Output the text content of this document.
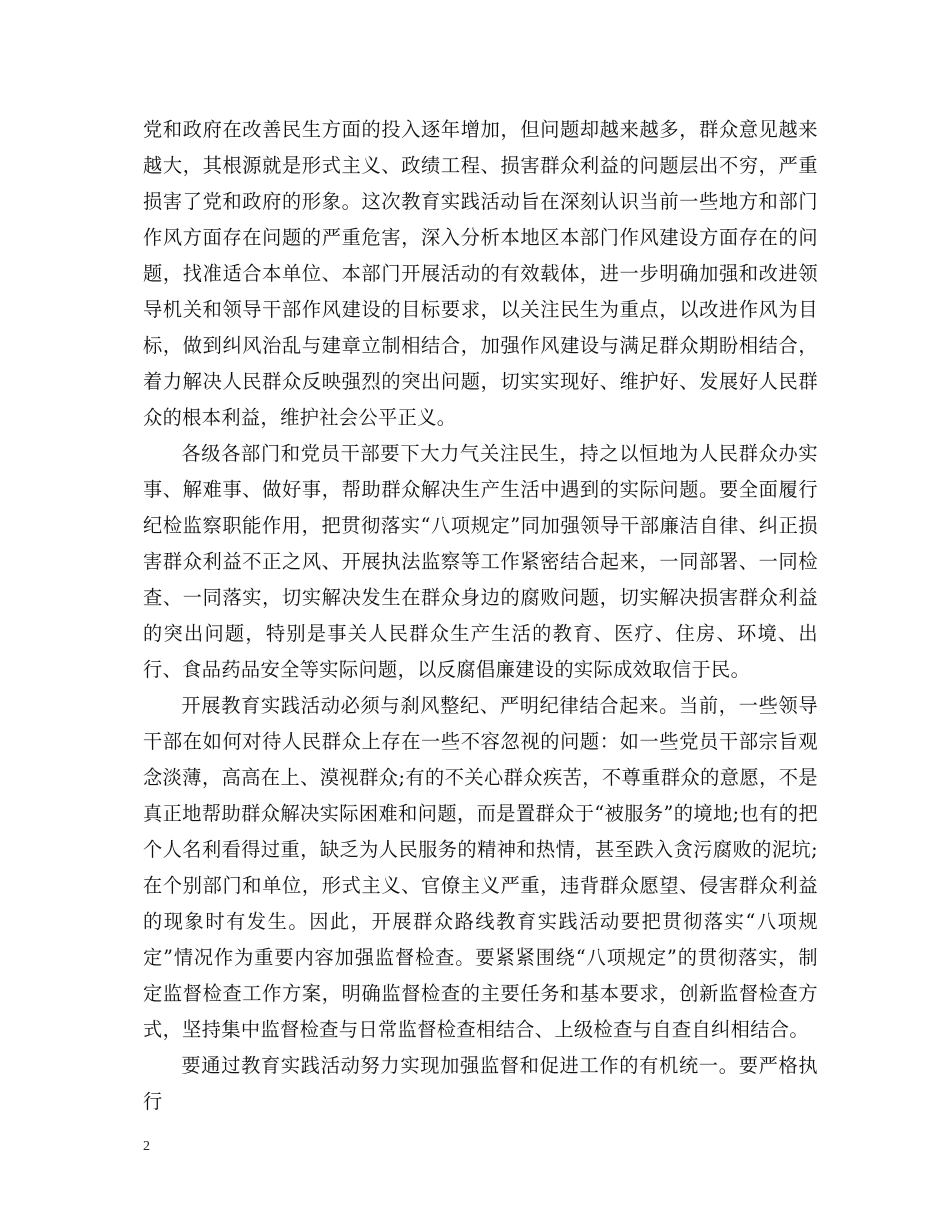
党和政府在改善民生方面的投入逐年增加，但问题却越来越多，群众意见越来越大，其根源就是形式主义、政绩工程、损害群众利益的问题层出不穷，严重损害了党和政府的形象。这次教育实践活动旨在深刻认识当前一些地方和部门作风方面存在问题的严重危害，深入分析本地区本部门作风建设方面存在的问题，找准适合本单位、本部门开展活动的有效载体，进一步明确加强和改进领导机关和领导干部作风建设的目标要求，以关注民生为重点，以改进作风为目标，做到纠风治乱与建章立制相结合，加强作风建设与满足群众期盼相结合，着力解决人民群众反映强烈的突出问题，切实实现好、维护好、发展好人民群众的根本利益，维护社会公平正义。

各级各部门和党员干部要下大力气关注民生，持之以恒地为人民群众办实事、解难事、做好事，帮助群众解决生产生活中遇到的实际问题。要全面履行纪检监察职能作用，把贯彻落实“八项规定”同加强领导干部廉洁自律、纠正损害群众利益不正之风、开展执法监察等工作紧密结合起来，一同部署、一同检查、一同落实，切实解决发生在群众身边的腐败问题，切实解决损害群众利益的突出问题，特别是事关人民群众生产生活的教育、医疗、住房、环境、出行、食品药品安全等实际问题，以反腐倡廉建设的实际成效取信于民。

开展教育实践活动必须与刹风整纪、严明纪律结合起来。当前，一些领导干部在如何对待人民群众上存在一些不容忽视的问题：如一些党员干部宗旨观念淡薄，高高在上、漠视群众;有的不关心群众疾苦，不尊重群众的意愿，不是真正地帮助群众解决实际困难和问题，而是置群众于“被服务”的境地;也有的把个人名利看得过重，缺乏为人民服务的精神和热情，甚至跌入贪污腐败的泥坑;在个别部门和单位，形式主义、官僚主义严重，违背群众愿望、侵害群众利益的现象时有发生。因此，开展群众路线教育实践活动要把贯彻落实“八项规定”情况作为重要内容加强监督检查。要紧紧围绕“八项规定”的贯彻落实，制定监督检查工作方案，明确监督检查的主要任务和基本要求，创新监督检查方式，坚持集中监督检查与日常监督检查相结合、上级检查与自查自纠相结合。

要通过教育实践活动努力实现加强监督和促进工作的有机统一。要严格执行

2
